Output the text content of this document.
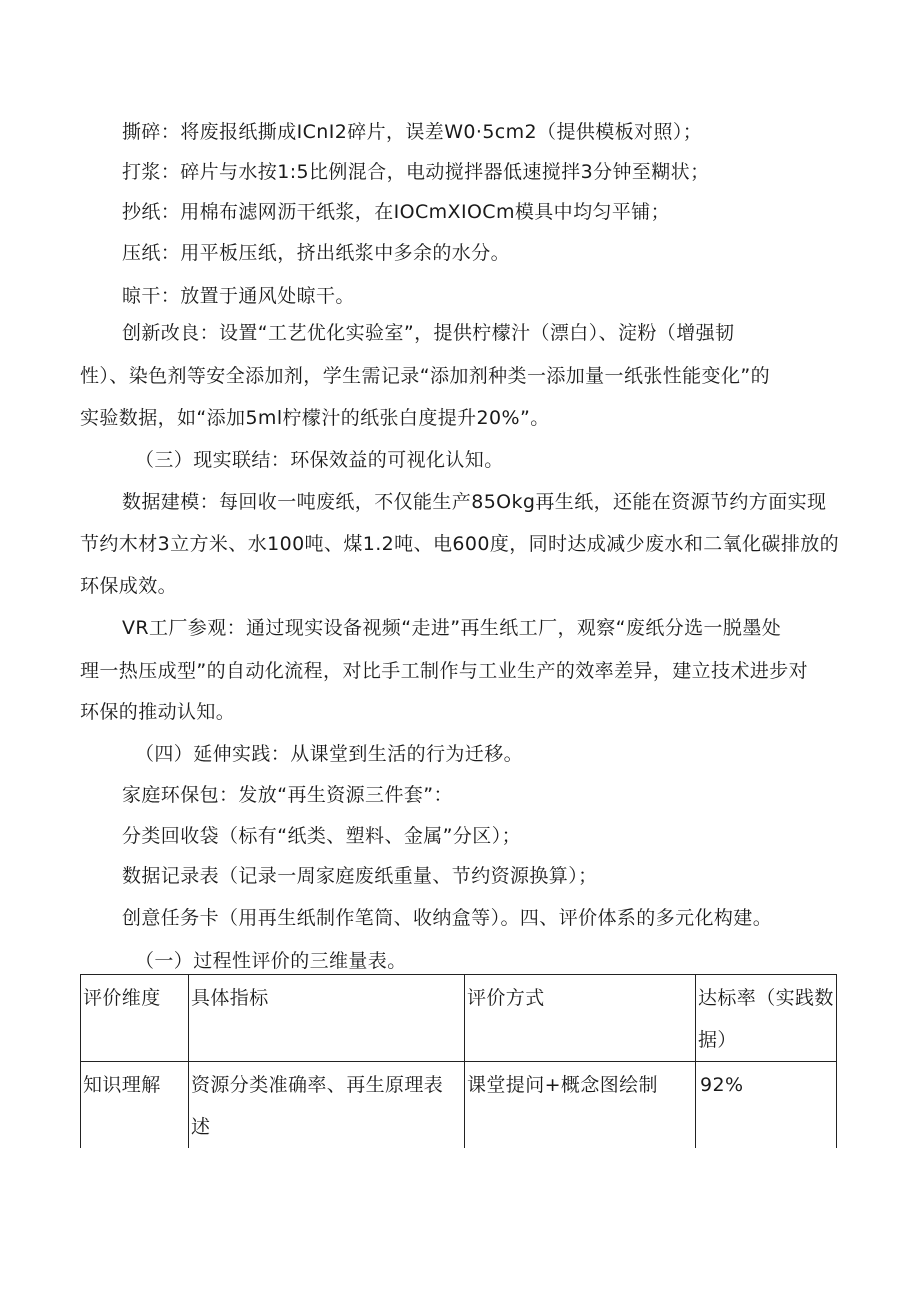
撕碎：将废报纸撕成ICnI2碎片，误差W0·5cm2（提供模板对照）；
打浆：碎片与水按1:5比例混合，电动搅拌器低速搅拌3分钟至糊状；
抄纸：用棉布滤网沥干纸浆，在IOCmXIOCm模具中均匀平铺；
压纸：用平板压纸，挤出纸浆中多余的水分。
晾干：放置于通风处晾干。
创新改良：设置“工艺优化实验室”，提供柠檬汁（漂白）、淀粉（增强韧
性）、染色剂等安全添加剂，学生需记录“添加剂种类一添加量一纸张性能变化”的
实验数据，如“添加5ml柠檬汁的纸张白度提升20%”。
（三）现实联结：环保效益的可视化认知。
数据建模：每回收一吨废纸，不仅能生产85Okg再生纸，还能在资源节约方面实现
节约木材3立方米、水100吨、煤1.2吨、电600度，同时达成减少废水和二氧化碳排放的
环保成效。
VR工厂参观：通过现实设备视频“走进”再生纸工厂，观察“废纸分选一脱墨处
理一热压成型”的自动化流程，对比手工制作与工业生产的效率差异，建立技术进步对
环保的推动认知。
（四）延伸实践：从课堂到生活的行为迁移。
家庭环保包：发放“再生资源三件套”：
分类回收袋（标有“纸类、塑料、金属”分区）；
数据记录表（记录一周家庭废纸重量、节约资源换算）；
创意任务卡（用再生纸制作笔筒、收纳盒等）。四、评价体系的多元化构建。
（一）过程性评价的三维量表。
评价维度	具体指标	评价方式	达标率（实践数据）
知识理解	资源分类准确率、再生原理表述	课堂提问+概念图绘制	92%
